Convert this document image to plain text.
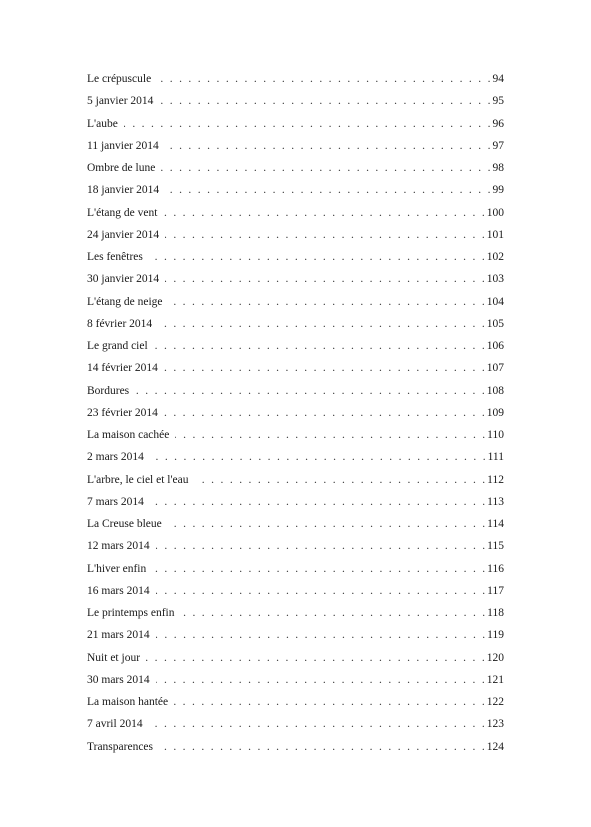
Le crépuscule . . .	94
5 janvier 2014 . . .	95
L'aube . . .	96
11 janvier 2014 . . .	97
Ombre de lune . . .	98
18 janvier 2014 . . .	99
L'étang de vent . . .	100
24 janvier 2014 . . .	101
Les fenêtres . . .	102
30 janvier 2014 . . .	103
L'étang de neige . . .	104
8 février 2014 . . .	105
Le grand ciel . . .	106
14 février 2014 . . .	107
Bordures . . .	108
23 février 2014 . . .	109
La maison cachée . . .	110
2 mars 2014 . . .	111
L'arbre, le ciel et l'eau . . .	112
7 mars 2014 . . .	113
La Creuse bleue . . .	114
12 mars 2014 . . .	115
L'hiver enfin . . .	116
16 mars 2014 . . .	117
Le printemps enfin . . .	118
21 mars 2014 . . .	119
Nuit et jour . . .	120
30 mars 2014 . . .	121
La maison hantée . . .	122
7 avril 2014 . . .	123
Transparences . . .	124
